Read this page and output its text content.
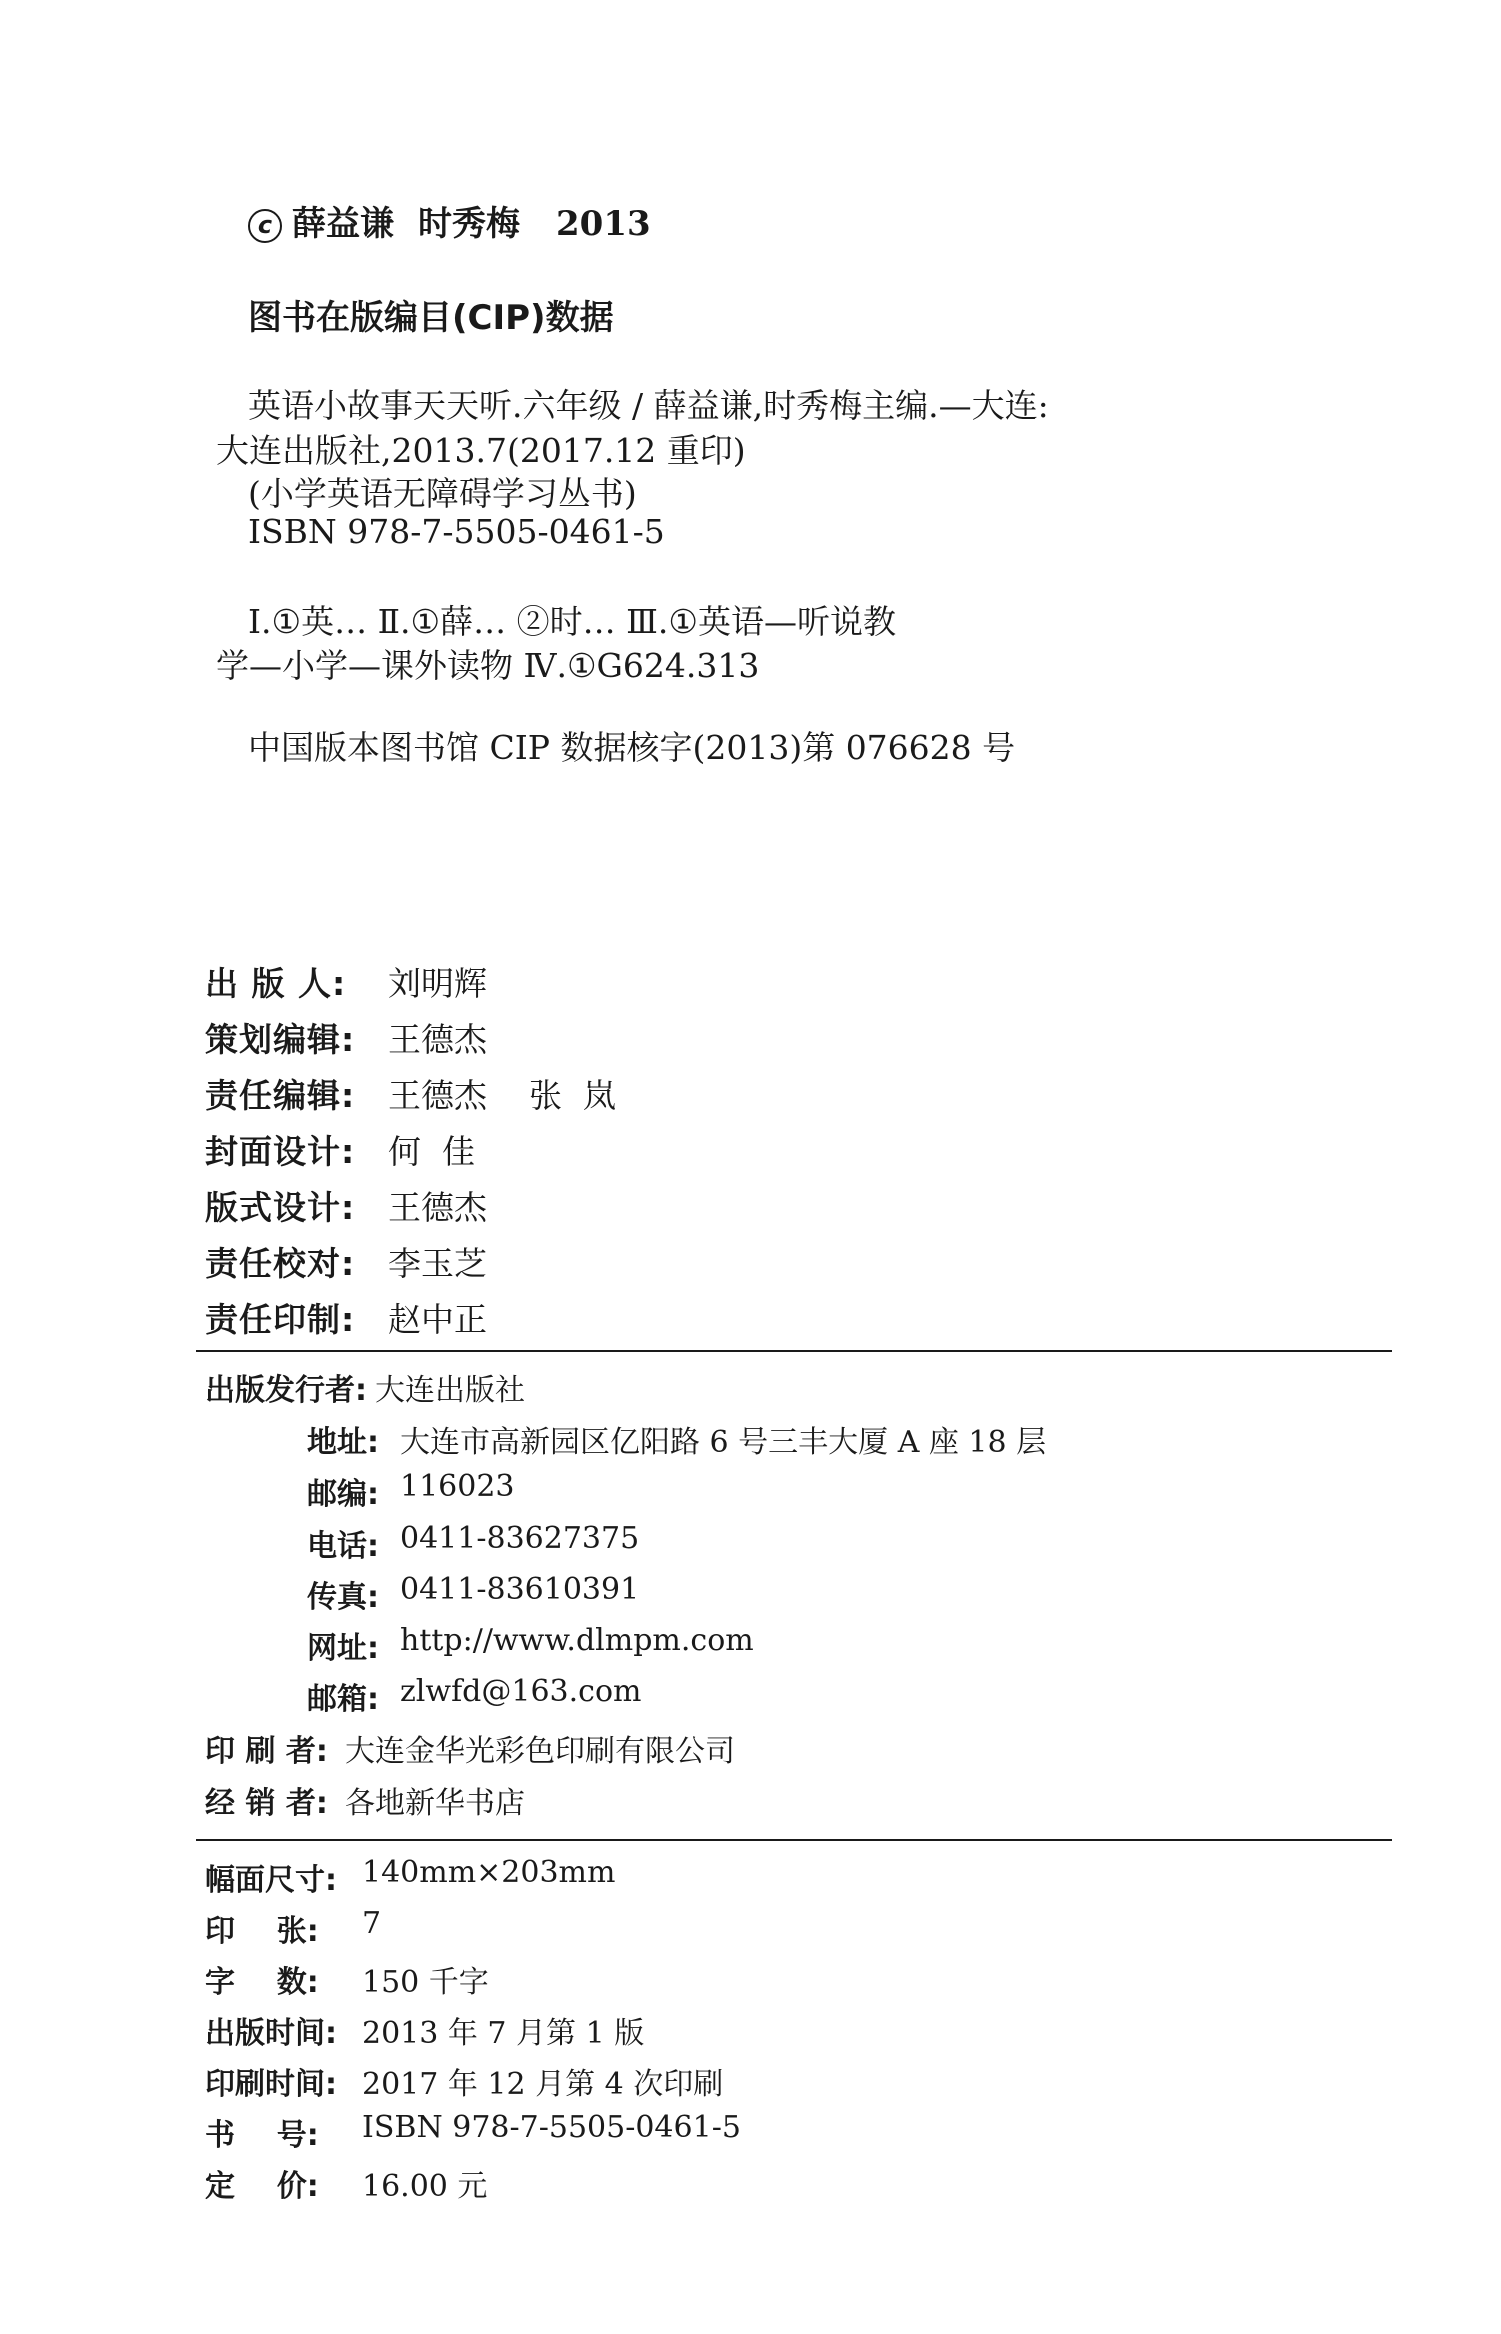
c 薛益谦 时秀梅 2013
图书在版编目(CIP)数据
英语小故事天天听.六年级 / 薛益谦,时秀梅主编.—大连:
大连出版社,2013.7(2017.12 重印)
(小学英语无障碍学习丛书)
ISBN 978-7-5505-0461-5
Ⅰ.①英… Ⅱ.①薛… ②时… Ⅲ.①英语—听说教
学—小学—课外读物 Ⅳ.①G624.313
中国版本图书馆 CIP 数据核字(2013)第 076628 号
出 版 人: 刘明辉
策划编辑: 王德杰
责任编辑: 王德杰    张  岚
封面设计: 何  佳
版式设计: 王德杰
责任校对: 李玉芝
责任印制: 赵中正
出版发行者: 大连出版社
地址: 大连市高新园区亿阳路 6 号三丰大厦 A 座 18 层
邮编: 116023
电话: 0411-83627375
传真: 0411-83610391
网址: http://www.dlmpm.com
邮箱: zlwfd@163.com
印 刷 者: 大连金华光彩色印刷有限公司
经 销 者: 各地新华书店
幅面尺寸: 140mm×203mm
印    张: 7
字    数: 150 千字
出版时间: 2013 年 7 月第 1 版
印刷时间: 2017 年 12 月第 4 次印刷
书    号: ISBN 978-7-5505-0461-5
定    价: 16.00 元
